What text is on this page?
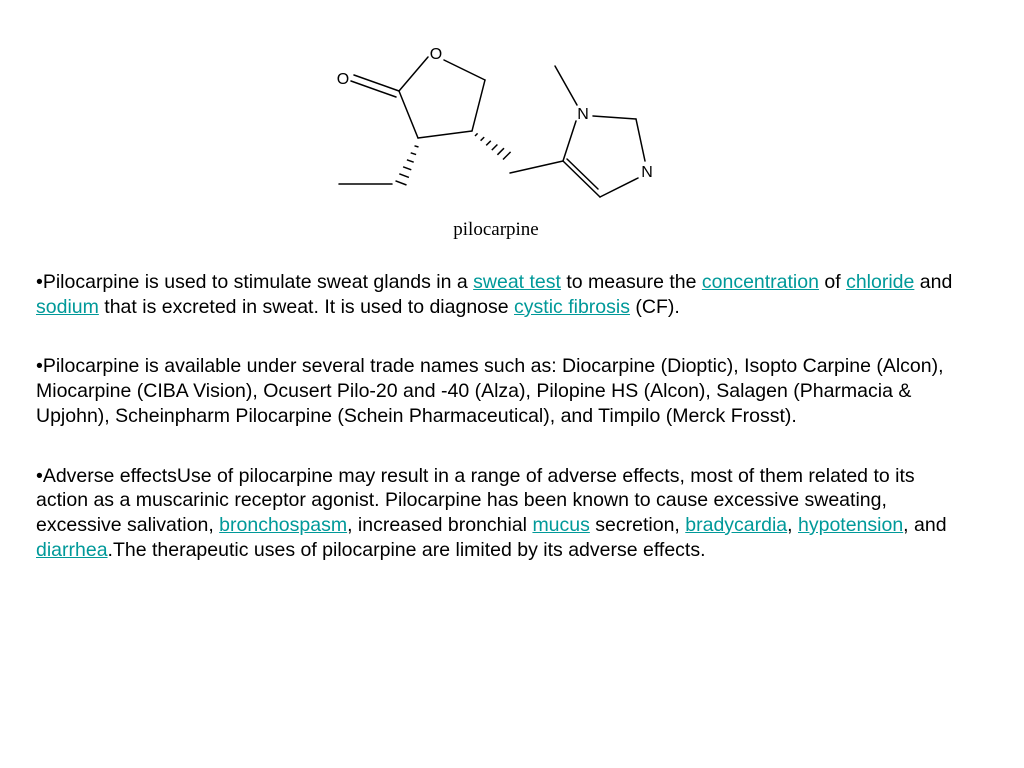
O
O
N
N
pilocarpine

•Pilocarpine is used to stimulate sweat glands in a sweat test to measure the concentration of chloride and sodium that is excreted in sweat. It is used to diagnose cystic fibrosis (CF).

•Pilocarpine is available under several trade names such as: Diocarpine (Dioptic), Isopto Carpine (Alcon), Miocarpine (CIBA Vision), Ocusert Pilo-20 and -40 (Alza), Pilopine HS (Alcon), Salagen (Pharmacia & Upjohn), Scheinpharm Pilocarpine (Schein Pharmaceutical), and Timpilo (Merck Frosst).

•Adverse effectsUse of pilocarpine may result in a range of adverse effects, most of them related to its action as a muscarinic receptor agonist. Pilocarpine has been known to cause excessive sweating, excessive salivation, bronchospasm, increased bronchial mucus secretion, bradycardia, hypotension, and diarrhea.The therapeutic uses of pilocarpine are limited by its adverse effects.
